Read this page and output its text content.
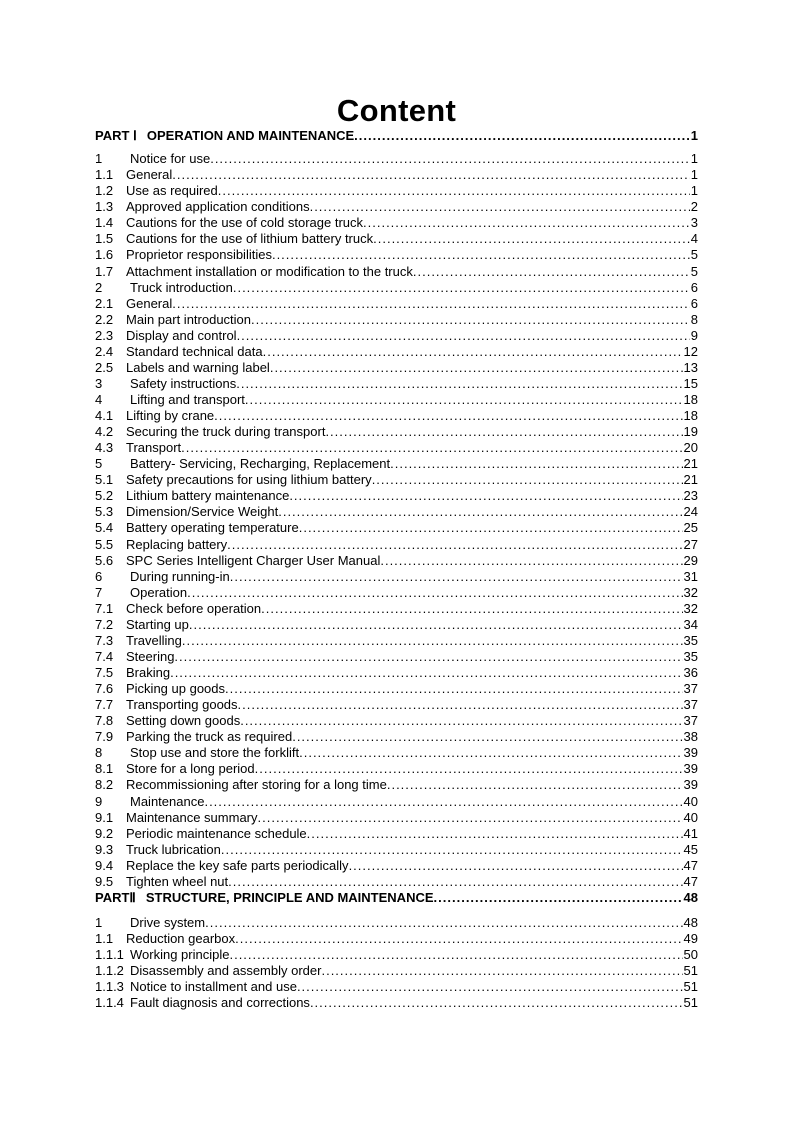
Content
PART Ⅰ OPERATION AND MAINTENANCE .....	1
1	Notice for use .....	1
1.1 General .....	1
1.2 Use as required .....	1
1.3 Approved application conditions .....	2
1.4 Cautions for the use of cold storage truck .....	3
1.5 Cautions for the use of lithium battery truck .....	4
1.6 Proprietor responsibilities .....	5
1.7 Attachment installation or modification to the truck .....	5
2	Truck introduction .....	6
2.1 General .....	6
2.2 Main part introduction .....	8
2.3 Display and control .....	9
2.4 Standard technical data .....	12
2.5 Labels and warning label .....	13
3	Safety instructions .....	15
4	Lifting and transport .....	18
4.1 Lifting by crane .....	18
4.2 Securing the truck during transport .....	19
4.3 Transport .....	20
5	Battery- Servicing, Recharging, Replacement .....	21
5.1 Safety precautions for using lithium battery .....	21
5.2 Lithium battery maintenance .....	23
5.3 Dimension/Service Weight .....	24
5.4 Battery operating temperature .....	25
5.5 Replacing battery .....	27
5.6 SPC Series Intelligent Charger User Manual .....	29
6	During running-in .....	31
7	Operation .....	32
7.1 Check before operation .....	32
7.2 Starting up .....	34
7.3 Travelling .....	35
7.4 Steering .....	35
7.5 Braking .....	36
7.6 Picking up goods .....	37
7.7 Transporting goods .....	37
7.8 Setting down goods .....	37
7.9 Parking the truck as required .....	38
8	Stop use and store the forklift .....	39
8.1 Store for a long period .....	39
8.2 Recommissioning after storing for a long time .....	39
9	Maintenance .....	40
9.1 Maintenance summary .....	40
9.2 Periodic maintenance schedule .....	41
9.3 Truck lubrication .....	45
9.4 Replace the key safe parts periodically .....	47
9.5 Tighten wheel nut .....	47
PARTⅡ STRUCTURE, PRINCIPLE AND MAINTENANCE .....	48
1	Drive system .....	48
1.1 Reduction gearbox .....	49
1.1.1 Working principle .....	50
1.1.2 Disassembly and assembly order .....	51
1.1.3 Notice to installment and use .....	51
1.1.4 Fault diagnosis and corrections .....	51
